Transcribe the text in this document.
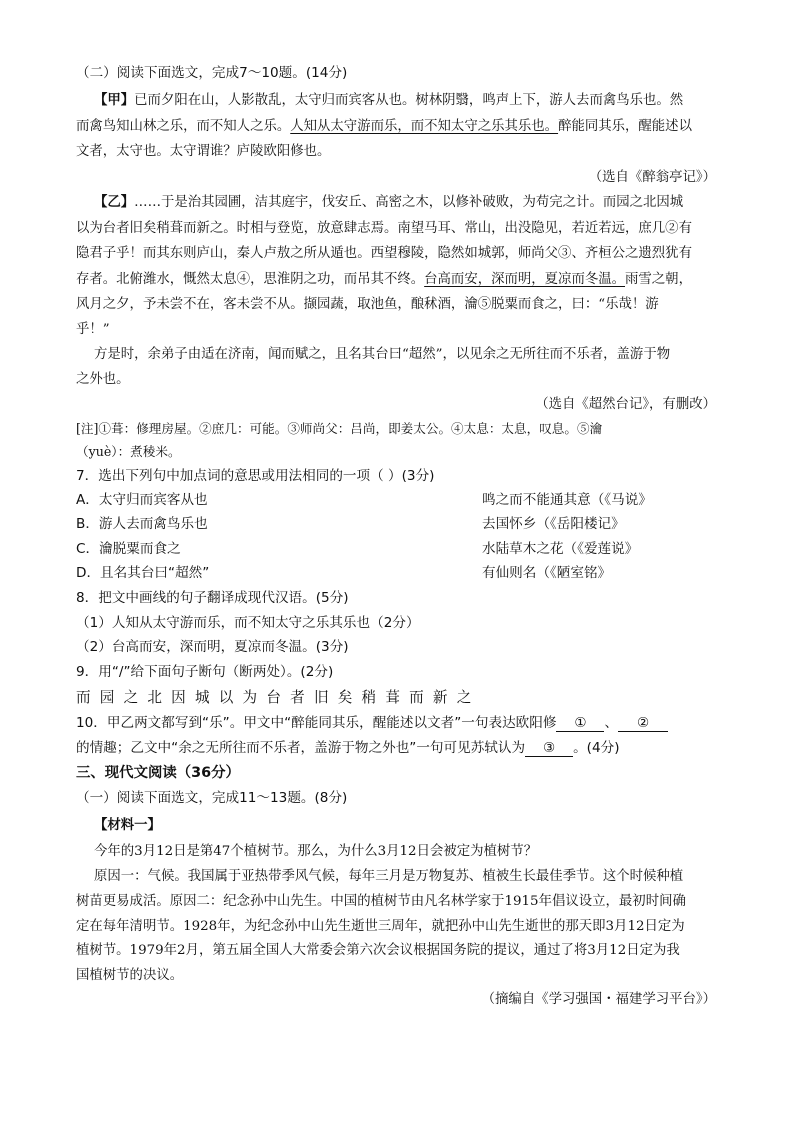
（二）阅读下面选文，完成7～10题。(14分)
【甲】已而夕阳在山，人影散乱，太守归而宾客从也。树林阴翳，鸣声上下，游人去而禽鸟乐也。然
而禽鸟知山林之乐，而不知人之乐。人知从太守游而乐，而不知太守之乐其乐也。醉能同其乐，醒能述以
文者，太守也。太守谓谁？庐陵欧阳修也。
（选自《醉翁亭记》）
【乙】……于是治其园圃，洁其庭宇，伐安丘、高密之木，以修补破败，为苟完之计。而园之北因城
以为台者旧矣稍葺而新之。时相与登览，放意肆志焉。南望马耳、常山，出没隐见，若近若远，庶几②有
隐君子乎！而其东则庐山，秦人卢敖之所从遁也。西望穆陵，隐然如城郭，师尚父③、齐桓公之遗烈犹有
存者。北俯潍水，慨然太息④，思淮阴之功，而吊其不终。台高而安，深而明，夏凉而冬温。雨雪之朝，
风月之夕，予未尝不在，客未尝不从。撷园蔬，取池鱼，酿秫酒，瀹⑤脱粟而食之，曰：“乐哉！游
乎！”
方是时，余弟子由适在济南，闻而赋之，且名其台曰“超然”，以见余之无所往而不乐者，盖游于物
之外也。
（选自《超然台记》，有删改）
[注]①葺：修理房屋。②庶几：可能。③师尚父：吕尚，即姜太公。④太息：太息，叹息。⑤瀹
（yuè）：煮稜米。
7．选出下列句中加点词的意思或用法相同的一项（ ）(3分)
A．太守归而宾客从也	鸣之而不能通其意（《马说》
B．游人去而禽鸟乐也	去国怀乡（《岳阳楼记》
C．瀹脱粟而食之	水陆草木之花（《爱莲说》
D．且名其台曰“超然”	有仙则名（《陋室铭》
8．把文中画线的句子翻译成现代汉语。(5分)
（1）人知从太守游而乐，而不知太守之乐其乐也（2分）
（2）台高而安，深而明，夏凉而冬温。(3分)
9．用“/”给下面句子断句（断两处）。(2分)
而园之北因城以为台者旧矣稍葺而新之
10．甲乙两文都写到“乐”。甲文中“醉能同其乐，醒能述以文者”一句表达欧阳修 ① 、 ②
的情趣；乙文中“余之无所往而不乐者，盖游于物之外也”一句可见苏轼认为 ③ 。(4分)
三、现代文阅读（36分）
（一）阅读下面选文，完成11～13题。(8分)
【材料一】
今年的3月12日是第47个植树节。那么，为什么3月12日会被定为植树节？
原因一：气候。我国属于亚热带季风气候，每年三月是万物复苏、植被生长最佳季节。这个时候种植
树苗更易成活。原因二：纪念孙中山先生。中国的植树节由凡名林学家于1915年倡议设立，最初时间确
定在每年清明节。1928年，为纪念孙中山先生逝世三周年，就把孙中山先生逝世的那天即3月12日定为
植树节。1979年2月，第五届全国人大常委会第六次会议根据国务院的提议，通过了将3月12日定为我
国植树节的决议。
（摘编自《学习强国・福建学习平台》）
